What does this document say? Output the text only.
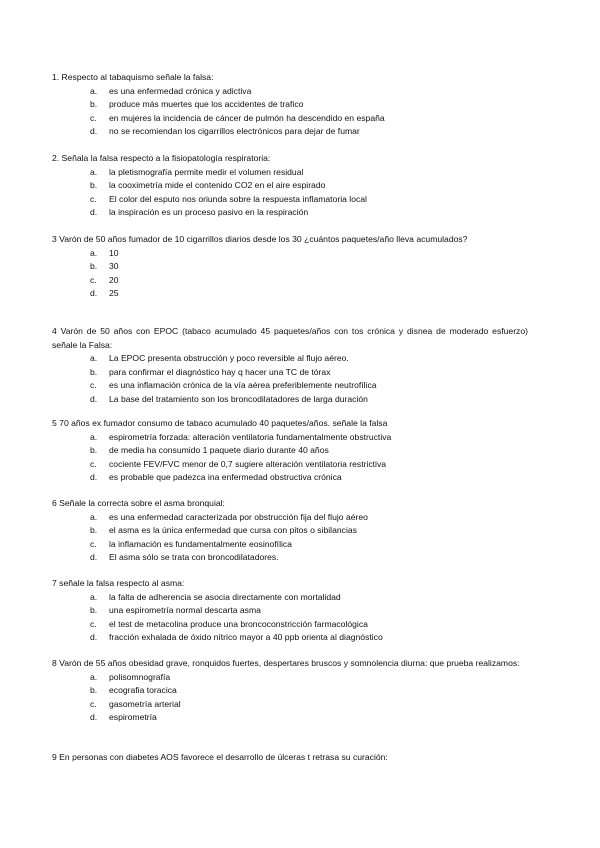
1. Respecto al tabaquismo señale la falsa:

a. es una enfermedad crónica y adictiva
b. produce más muertes que los accidentes de trafico
c. en mujeres la incidencia de cáncer de pulmón ha descendido en españa
d. no se recomiendan los cigarrillos electrónicos para dejar de fumar

2. Señala la falsa respecto a la fisiopatología respiratoria:

a. la pletismografía permite medir el volumen residual
b. la cooximetría mide el contenido CO2 en el aire espirado
c. El color del esputo nos oriunda sobre la respuesta inflamatoria local
d. la inspiración es un proceso pasivo en la respiración

3 Varón de 50 años fumador de 10 cigarrillos diarios desde los 30 ¿cuántos paquetes/año lleva acumulados?

a. 10
b. 30
c. 20
d. 25

4 Varón de 50 años con EPOC (tabaco acumulado 45 paquetes/años con tos crónica y disnea de moderado esfuerzo) señale la Falsa:

a. La EPOC presenta obstrucción y poco reversible al flujo aéreo.
b. para confirmar el diagnóstico hay q hacer una TC de tórax
c. es una inflamación crónica de la vía aérea preferiblemente neutrofílica
d. La base del tratamiento son los broncodilatadores de larga duración

5 70 años ex fumador consumo de tabaco acumulado 40 paquetes/años. señale la falsa

a. espirometría forzada: alteración ventilatoria fundamentalmente obstructiva
b. de media ha consumido 1 paquete diario durante 40 años
c. cociente FEV/FVC menor de 0,7 sugiere alteración ventilatoria restrictiva
d. es probable que padezca ina enfermedad obstructiva crónica

6 Señale la correcta sobre el asma bronquial:

a. es una enfermedad caracterizada por obstrucción fija del flujo aéreo
b. el asma es la única enfermedad que cursa con pitos o sibilancias
c. la inflamación es fundamentalmente eosinofílica
d. El asma sólo se trata con broncodilatadores.

7 señale la falsa respecto al asma:

a. la falta de adherencia se asocia directamente con mortalidad
b. una espirometría normal descarta asma
c. el test de metacolina produce una broncoconstricción farmacológica
d. fracción exhalada de óxido nítrico mayor a 40 ppb orienta al diagnóstico

8 Varón de 55 años obesidad grave, ronquidos fuertes, despertares bruscos y somnolencia diurna: que prueba realizamos:

a. polisomnografía
b. ecografia toracica
c. gasometría arterial
d. espirometría

9 En personas con diabetes AOS favorece el desarrollo de úlceras t retrasa su curación:
